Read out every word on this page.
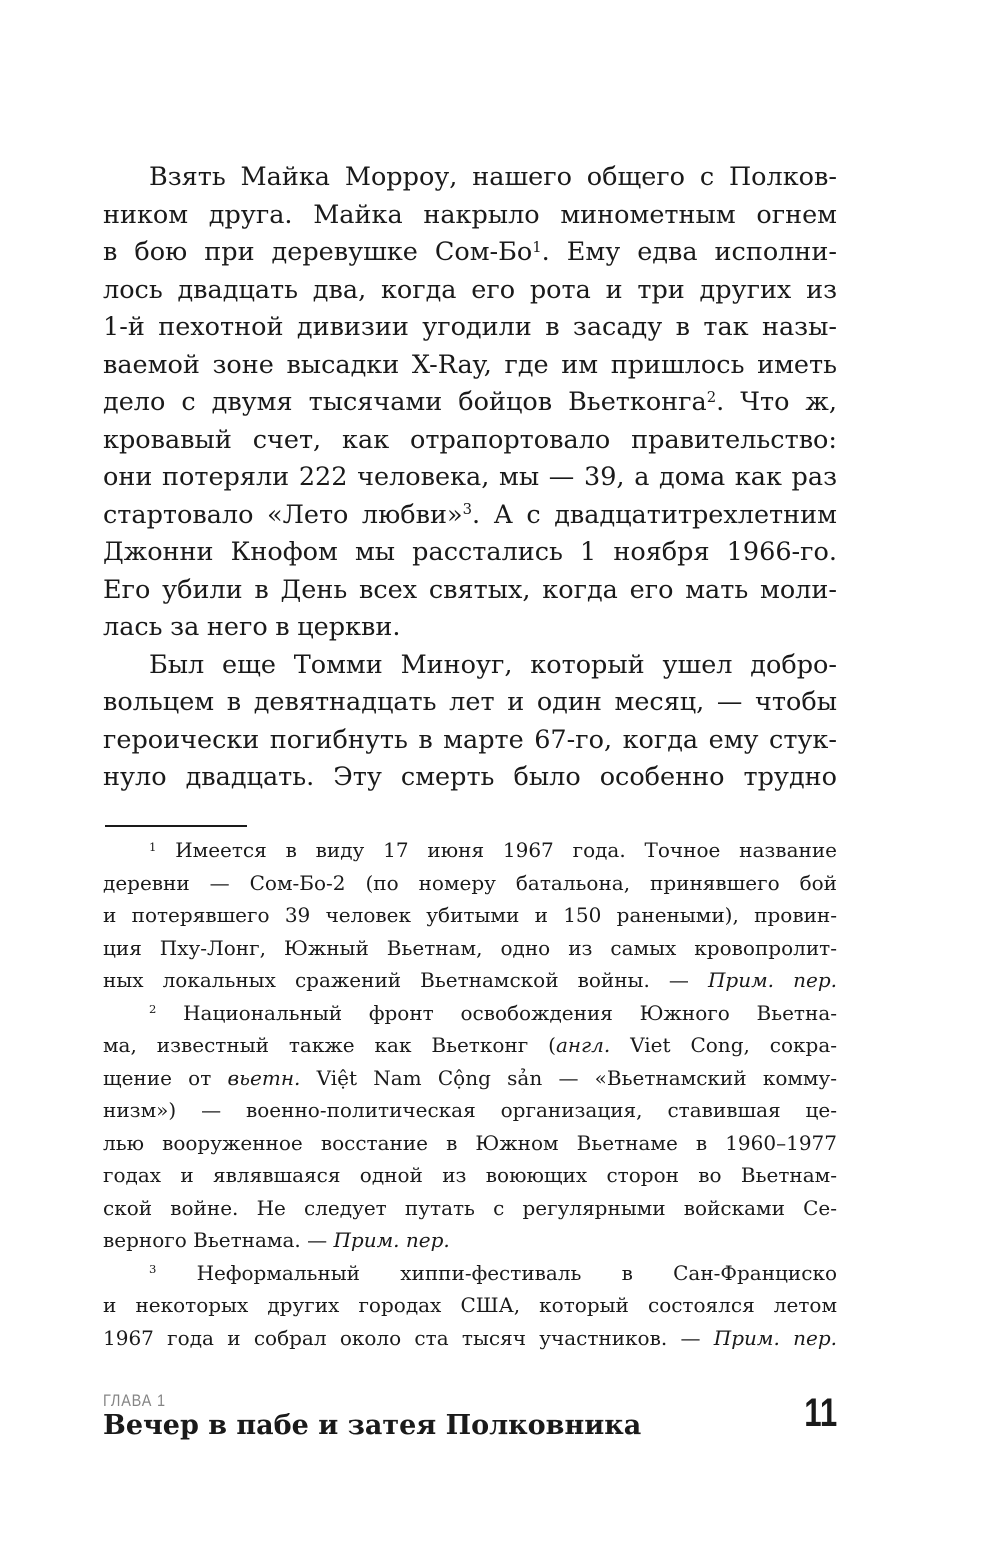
Взять Майка Морроу, нашего общего с Полков-
ником друга. Майка накрыло минометным огнем
в бою при деревушке Сом-$Бо^1$. Ему едва исполни-
лось двадцать два, когда его рота и три других из
1-й пехотной дивизии угодили в засаду в так назы-
ваемой зоне высадки X-Ray, где им пришлось иметь
дело с двумя тысячами бойцов Вьетконга$^2$. Что ж,
кровавый счет, как отрапортовало правительство:
они потеряли 222 человека, мы — 39, а дома как раз
стартовало «Лето любви»$^3$. А с двадцатитрехлетним
Джонни Кнофом мы расстались 1 ноября 1966-го.
Его убили в День всех святых, когда его мать моли-
лась за него в церкви.
Был еще Томми Миноуг, который ушел добро-
вольцем в девятнадцать лет и один месяц, — чтобы
героически погибнуть в марте 67-го, когда ему стук-
нуло двадцать. Эту смерть было особенно трудно
$^1$ Имеется в виду 17 июня 1967 года. Точное название
деревни — Сом-Бо-2 (по номеру батальона, принявшего бой
и потерявшего 39 человек убитыми и 150 ранеными), провин-
ция Пху-Лонг, Южный Вьетнам, одно из самых кровопролит-
ных локальных сражений Вьетнамской войны. — Прим. пер.
$^2$ Национальный фронт освобождения Южного Вьетна-
ма, известный также как Вьетконг (англ. Viet Cong, сокра-
щение от вьетн. Việt Nam Cộng sản — «Вьетнамский комму-
низм») — военно-политическая организация, ставившая це-
лью вооруженное восстание в Южном Вьетнаме в 1960–1977
годах и являвшаяся одной из воюющих сторон во Вьетнам-
ской войне. Не следует путать с регулярными войсками Се-
верного Вьетнама. — Прим. пер.
$^3$ Неформальный хиппи-фестиваль в Сан-Франциско
и некоторых других городах США, который состоялся летом
1967 года и собрал около ста тысяч участников. — Прим. пер.
ГЛАВА 1
Вечер в пабе и затея Полковника	11
